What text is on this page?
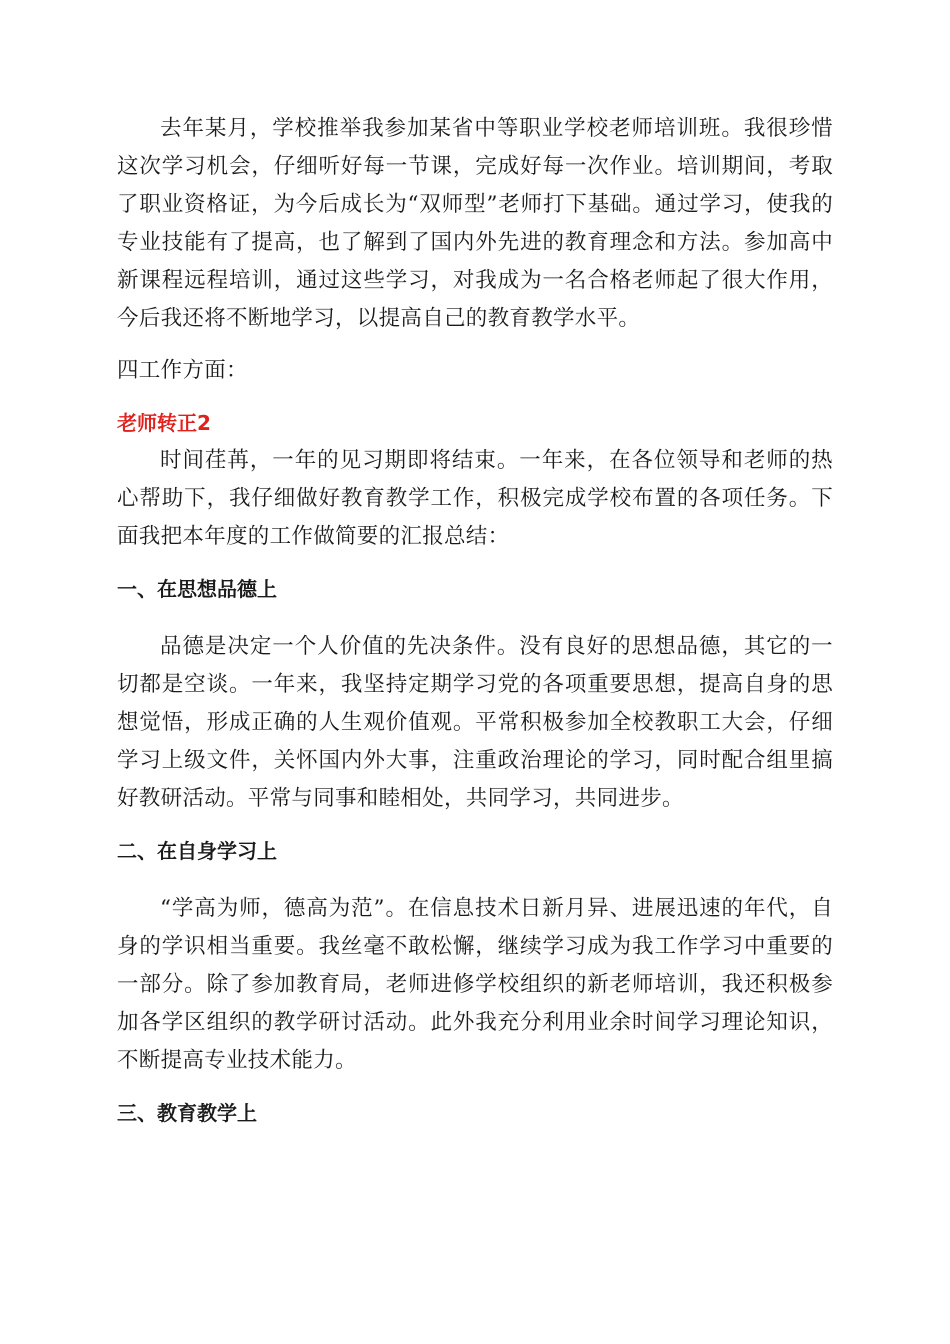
去年某月，学校推举我参加某省中等职业学校老师培训班。我很珍惜这次学习机会，仔细听好每一节课，完成好每一次作业。培训期间，考取了职业资格证，为今后成长为“双师型”老师打下基础。通过学习，使我的专业技能有了提高，也了解到了国内外先进的教育理念和方法。参加高中新课程远程培训，通过这些学习，对我成为一名合格老师起了很大作用，今后我还将不断地学习，以提高自己的教育教学水平。

四工作方面：

老师转正2

时间荏苒，一年的见习期即将结束。一年来，在各位领导和老师的热心帮助下，我仔细做好教育教学工作，积极完成学校布置的各项任务。下面我把本年度的工作做简要的汇报总结：

一、在思想品德上

品德是决定一个人价值的先决条件。没有良好的思想品德，其它的一切都是空谈。一年来，我坚持定期学习党的各项重要思想，提高自身的思想觉悟，形成正确的人生观价值观。平常积极参加全校教职工大会，仔细学习上级文件，关怀国内外大事，注重政治理论的学习，同时配合组里搞好教研活动。平常与同事和睦相处，共同学习，共同进步。

二、在自身学习上

“学高为师，德高为范”。在信息技术日新月异、进展迅速的年代，自身的学识相当重要。我丝毫不敢松懈，继续学习成为我工作学习中重要的一部分。除了参加教育局，老师进修学校组织的新老师培训，我还积极参加各学区组织的教学研讨活动。此外我充分利用业余时间学习理论知识，不断提高专业技术能力。

三、教育教学上
